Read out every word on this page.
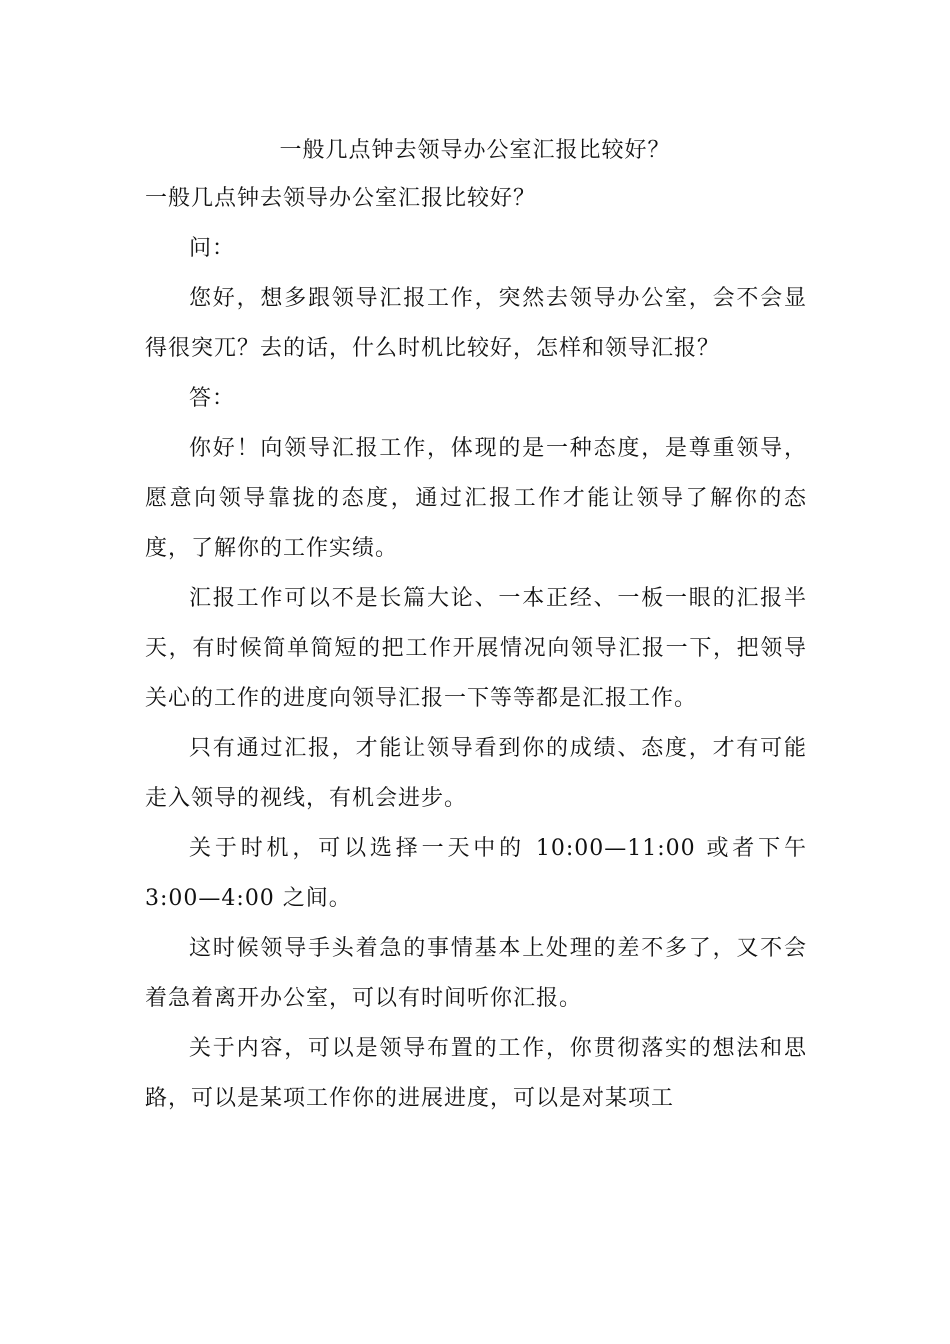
一般几点钟去领导办公室汇报比较好？

一般几点钟去领导办公室汇报比较好？

问：

您好，想多跟领导汇报工作，突然去领导办公室，会不会显得很突兀？去的话，什么时机比较好，怎样和领导汇报？

答：

你好！向领导汇报工作，体现的是一种态度，是尊重领导，愿意向领导靠拢的态度，通过汇报工作才能让领导了解你的态度，了解你的工作实绩。

汇报工作可以不是长篇大论、一本正经、一板一眼的汇报半天，有时候简单简短的把工作开展情况向领导汇报一下，把领导关心的工作的进度向领导汇报一下等等都是汇报工作。

只有通过汇报，才能让领导看到你的成绩、态度，才有可能走入领导的视线，有机会进步。

关于时机，可以选择一天中的 10:00—11:00 或者下午 3:00—4:00 之间。

这时候领导手头着急的事情基本上处理的差不多了，又不会着急着离开办公室，可以有时间听你汇报。

关于内容，可以是领导布置的工作，你贯彻落实的想法和思路，可以是某项工作你的进展进度，可以是对某项工
